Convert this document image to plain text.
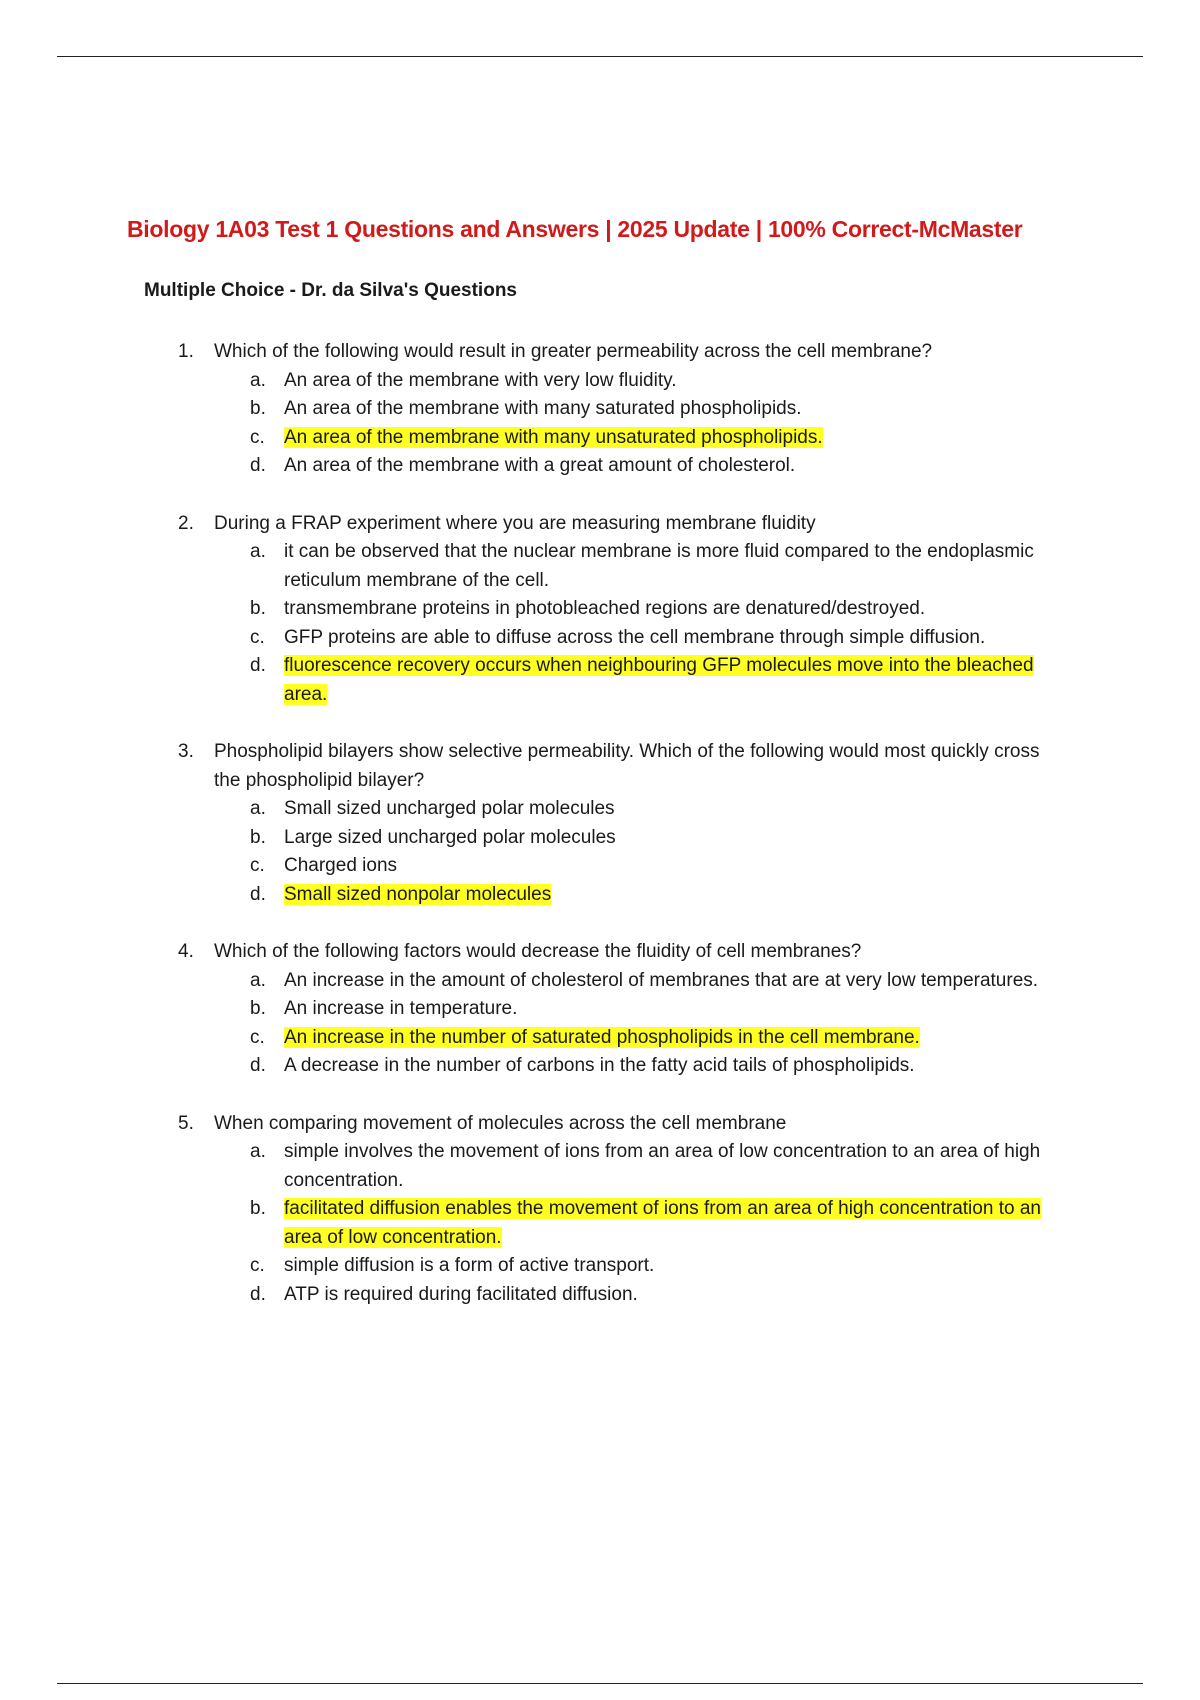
Biology 1A03 Test 1 Questions and Answers | 2025 Update | 100% Correct-McMaster
Multiple Choice - Dr. da Silva's Questions
1.	Which of the following would result in greater permeability across the cell membrane?
a. An area of the membrane with very low fluidity.
b. An area of the membrane with many saturated phospholipids.
c.	An area of the membrane with many unsaturated phospholipids.
d. An area of the membrane with a great amount of cholesterol.
2.	During a FRAP experiment where you are measuring membrane fluidity
a. it can be observed that the nuclear membrane is more fluid compared to the endoplasmic reticulum membrane of the cell.
b. transmembrane proteins in photobleached regions are denatured/destroyed.
c.	GFP proteins are able to diffuse across the cell membrane through simple diffusion.
d. fluorescence recovery occurs when neighbouring GFP molecules move into the bleached area.
3.	Phospholipid bilayers show selective permeability. Which of the following would most quickly cross the phospholipid bilayer?
a. Small sized uncharged polar molecules
b. Large sized uncharged polar molecules
c.	Charged ions
d. Small sized nonpolar molecules
4.	Which of the following factors would decrease the fluidity of cell membranes?
a. An increase in the amount of cholesterol of membranes that are at very low temperatures.
b. An increase in temperature.
c.	An increase in the number of saturated phospholipids in the cell membrane.
d. A decrease in the number of carbons in the fatty acid tails of phospholipids.
5.	When comparing movement of molecules across the cell membrane
a. simple involves the movement of ions from an area of low concentration to an area of high concentration.
b. facilitated diffusion enables the movement of ions from an area of high concentration to an area of low concentration.
c.	simple diffusion is a form of active transport.
d. ATP is required during facilitated diffusion.
